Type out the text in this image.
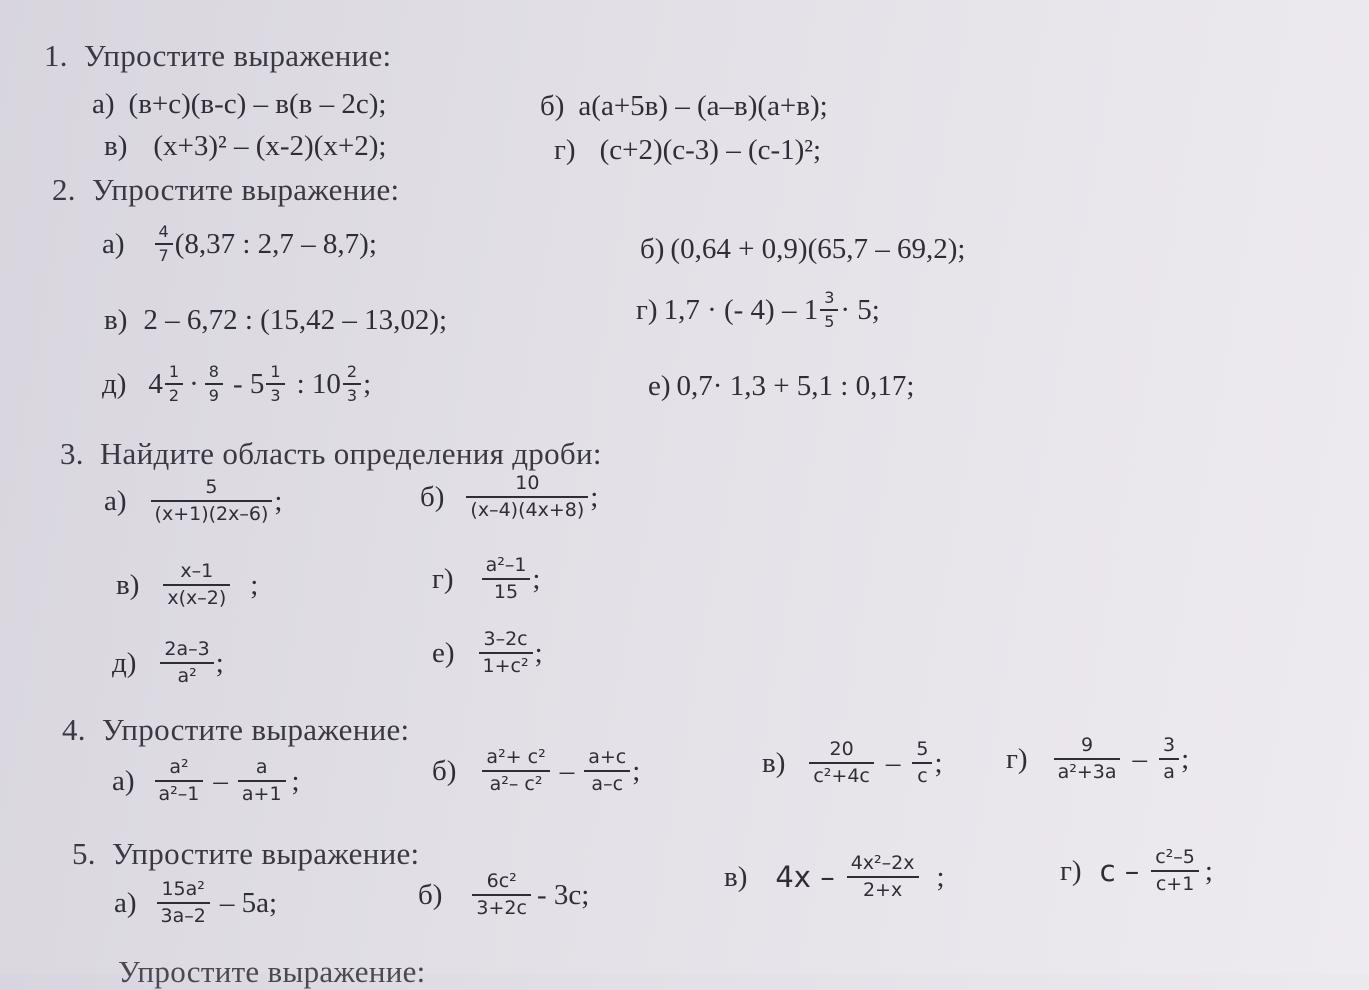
1. Упростите выражение:
а) (в+с)(в-с) – в(в – 2с);	б) а(а+5в) – (а–в)(а+в);
в) (х+3)² – (х-2)(х+2);	г) (с+2)(с-3) – (с-1)²;
2. Упростите выражение:
$а) \frac{4}{7} (8,37$ : 2,7 – 8,7);	б) (0,64 + 0,9)(65,7 – 69,2);
в) 2 – 6,72 : (15,42 – 13,02);	г) 1,7 · (- $4) - 1 \frac{3}{5} \cdot 5$;
д) $4 \frac{1}{2} \cdot \frac{8}{9} - 5 \frac{1}{3}$ : $10 \frac{2}{3}$ ;	е) 0,7· 1,3 + 5,1 : 0,17;
3. Найдите область определения дроби:
$а) \frac{5}{(x+1)(2x-6)}$ ;	$б) \frac{10}{(x-4)(4x+8)}$ ;
$в) \frac{x-1}{x(x-2)}$ ;	$г) \frac{\text{a²–1}}{15}$ ;
$д) \frac{2a-3}{\text{a²}}$ ;	$е) \frac{3-2c}{\text{1+c²}}$ ;
4. Упростите выражение:
$а) \frac{\text{a²}}{\text{a²–1}} - \frac{a}{a+1}$ ;	$б) \frac{\text{a²+ c²}}{\text{a²– c²}} - \frac{a+c}{a-c}$ ;	$в) \frac{20}{\text{c²+4c}} - \frac{5}{c}$ ; $г) \frac{9}{\text{a²+3a}} - \frac{3}{a}$ ;
5. Упростите выражение:
$а) \frac{\text{15a²}}{3a-2} - 5a$;	$б) \frac{\text{6c²}}{3+2c} - 3с$;
в) $4x - \frac{\text{4x²–2x}}{2+x}$ ;	г) c – $\frac{\text{c²–5}}{c+1}$ ;
Упростите выражение:
